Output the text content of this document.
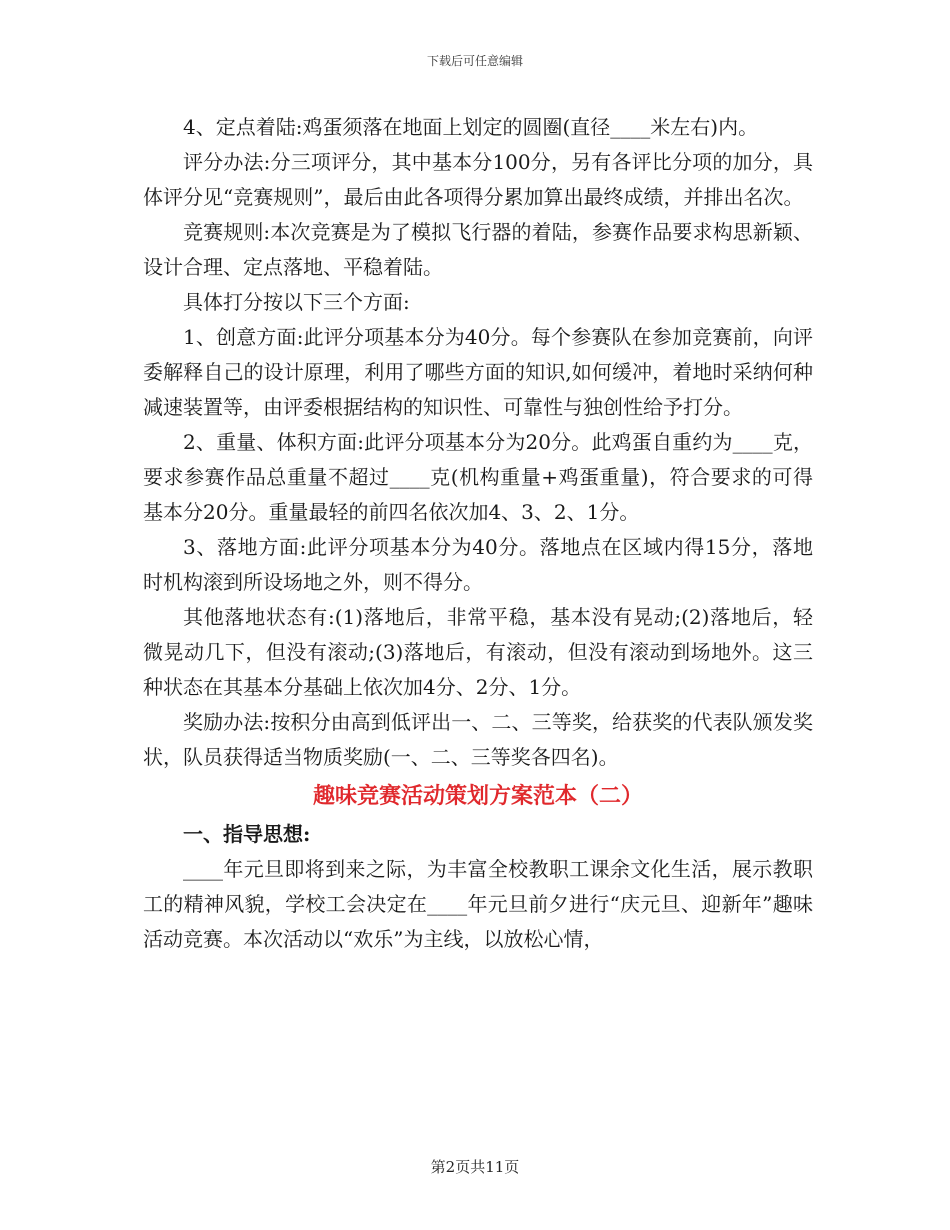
下载后可任意编辑

4、定点着陆:鸡蛋须落在地面上划定的圆圈(直径____米左右)内。

评分办法:分三项评分，其中基本分100分，另有各评比分项的加分，具体评分见“竞赛规则”，最后由此各项得分累加算出最终成绩，并排出名次。

竞赛规则:本次竞赛是为了模拟飞行器的着陆，参赛作品要求构思新颖、设计合理、定点落地、平稳着陆。

具体打分按以下三个方面:

1、创意方面:此评分项基本分为40分。每个参赛队在参加竞赛前，向评委解释自己的设计原理，利用了哪些方面的知识,如何缓冲，着地时采纳何种减速装置等，由评委根据结构的知识性、可靠性与独创性给予打分。

2、重量、体积方面:此评分项基本分为20分。此鸡蛋自重约为____克，要求参赛作品总重量不超过____克(机构重量+鸡蛋重量)，符合要求的可得基本分20分。重量最轻的前四名依次加4、3、2、1分。

3、落地方面:此评分项基本分为40分。落地点在区域内得15分，落地时机构滚到所设场地之外，则不得分。

其他落地状态有:(1)落地后，非常平稳，基本没有晃动;(2)落地后，轻微晃动几下，但没有滚动;(3)落地后，有滚动，但没有滚动到场地外。这三种状态在其基本分基础上依次加4分、2分、1分。

奖励办法:按积分由高到低评出一、二、三等奖，给获奖的代表队颁发奖状，队员获得适当物质奖励(一、二、三等奖各四名)。

趣味竞赛活动策划方案范本（二）

一、指导思想:

____年元旦即将到来之际，为丰富全校教职工课余文化生活，展示教职工的精神风貌，学校工会决定在____年元旦前夕进行“庆元旦、迎新年”趣味活动竞赛。本次活动以“欢乐”为主线，以放松心情，

第2页共11页
